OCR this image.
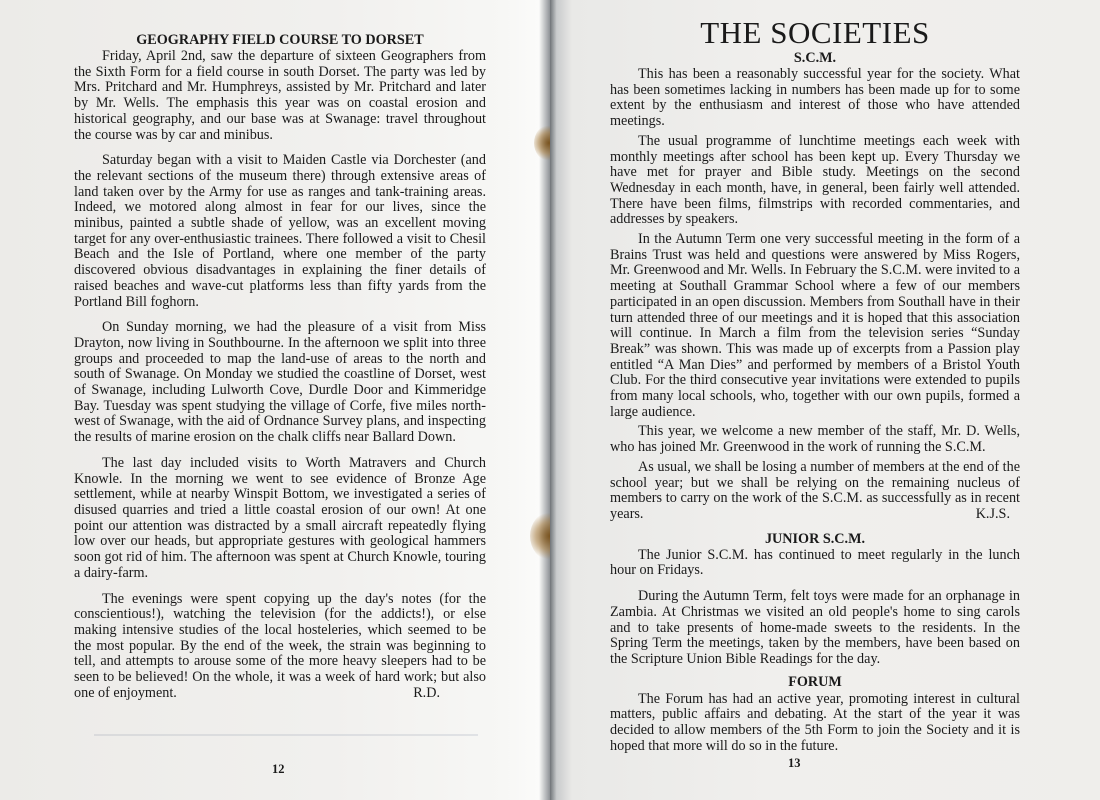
GEOGRAPHY FIELD COURSE TO DORSET

Friday, April 2nd, saw the departure of sixteen Geographers from the Sixth Form for a field course in south Dorset. The party was led by Mrs. Pritchard and Mr. Humphreys, assisted by Mr. Pritchard and later by Mr. Wells. The emphasis this year was on coastal erosion and historical geography, and our base was at Swanage: travel throughout the course was by car and minibus.

Saturday began with a visit to Maiden Castle via Dorchester (and the relevant sections of the museum there) through extensive areas of land taken over by the Army for use as ranges and tank-training areas. Indeed, we motored along almost in fear for our lives, since the minibus, painted a subtle shade of yellow, was an excellent moving target for any over-enthusiastic trainees. There followed a visit to Chesil Beach and the Isle of Portland, where one member of the party discovered obvious disadvantages in explaining the finer details of raised beaches and wave-cut platforms less than fifty yards from the Portland Bill foghorn.

On Sunday morning, we had the pleasure of a visit from Miss Drayton, now living in Southbourne. In the afternoon we split into three groups and proceeded to map the land-use of areas to the north and south of Swanage. On Monday we studied the coastline of Dorset, west of Swanage, including Lulworth Cove, Durdle Door and Kimmeridge Bay. Tuesday was spent studying the village of Corfe, five miles north-west of Swanage, with the aid of Ordnance Survey plans, and inspecting the results of marine erosion on the chalk cliffs near Ballard Down.

The last day included visits to Worth Matravers and Church Knowle. In the morning we went to see evidence of Bronze Age settlement, while at nearby Winspit Bottom, we investigated a series of disused quarries and tried a little coastal erosion of our own! At one point our attention was distracted by a small aircraft repeatedly flying low over our heads, but appropriate gestures with geological hammers soon got rid of him. The afternoon was spent at Church Knowle, touring a dairy-farm.

The evenings were spent copying up the day's notes (for the conscientious!), watching the television (for the addicts!), or else making intensive studies of the local hosteleries, which seemed to be the most popular. By the end of the week, the strain was beginning to tell, and attempts to arouse some of the more heavy sleepers had to be seen to be believed! On the whole, it was a week of hard work; but also one of enjoyment.	R.D.

12
THE SOCIETIES
S.C.M.

This has been a reasonably successful year for the society. What has been sometimes lacking in numbers has been made up for to some extent by the enthusiasm and interest of those who have attended meetings.

The usual programme of lunchtime meetings each week with monthly meetings after school has been kept up. Every Thursday we have met for prayer and Bible study. Meetings on the second Wednesday in each month, have, in general, been fairly well attended. There have been films, filmstrips with recorded commentaries, and addresses by speakers.

In the Autumn Term one very successful meeting in the form of a Brains Trust was held and questions were answered by Miss Rogers, Mr. Greenwood and Mr. Wells. In February the S.C.M. were invited to a meeting at Southall Grammar School where a few of our members participated in an open discussion. Members from Southall have in their turn attended three of our meetings and it is hoped that this association will continue. In March a film from the television series “Sunday Break” was shown. This was made up of excerpts from a Passion play entitled “A Man Dies” and performed by members of a Bristol Youth Club. For the third consecutive year invitations were extended to pupils from many local schools, who, together with our own pupils, formed a large audience.

This year, we welcome a new member of the staff, Mr. D. Wells, who has joined Mr. Greenwood in the work of running the S.C.M.

As usual, we shall be losing a number of members at the end of the school year; but we shall be relying on the remaining nucleus of members to carry on the work of the S.C.M. as successfully as in recent years.	K.J.S.

JUNIOR S.C.M.

The Junior S.C.M. has continued to meet regularly in the lunch hour on Fridays.

During the Autumn Term, felt toys were made for an orphanage in Zambia. At Christmas we visited an old people's home to sing carols and to take presents of home-made sweets to the residents. In the Spring Term the meetings, taken by the members, have been based on the Scripture Union Bible Readings for the day.

FORUM

The Forum has had an active year, promoting interest in cultural matters, public affairs and debating. At the start of the year it was decided to allow members of the 5th Form to join the Society and it is hoped that more will do so in the future.

13
